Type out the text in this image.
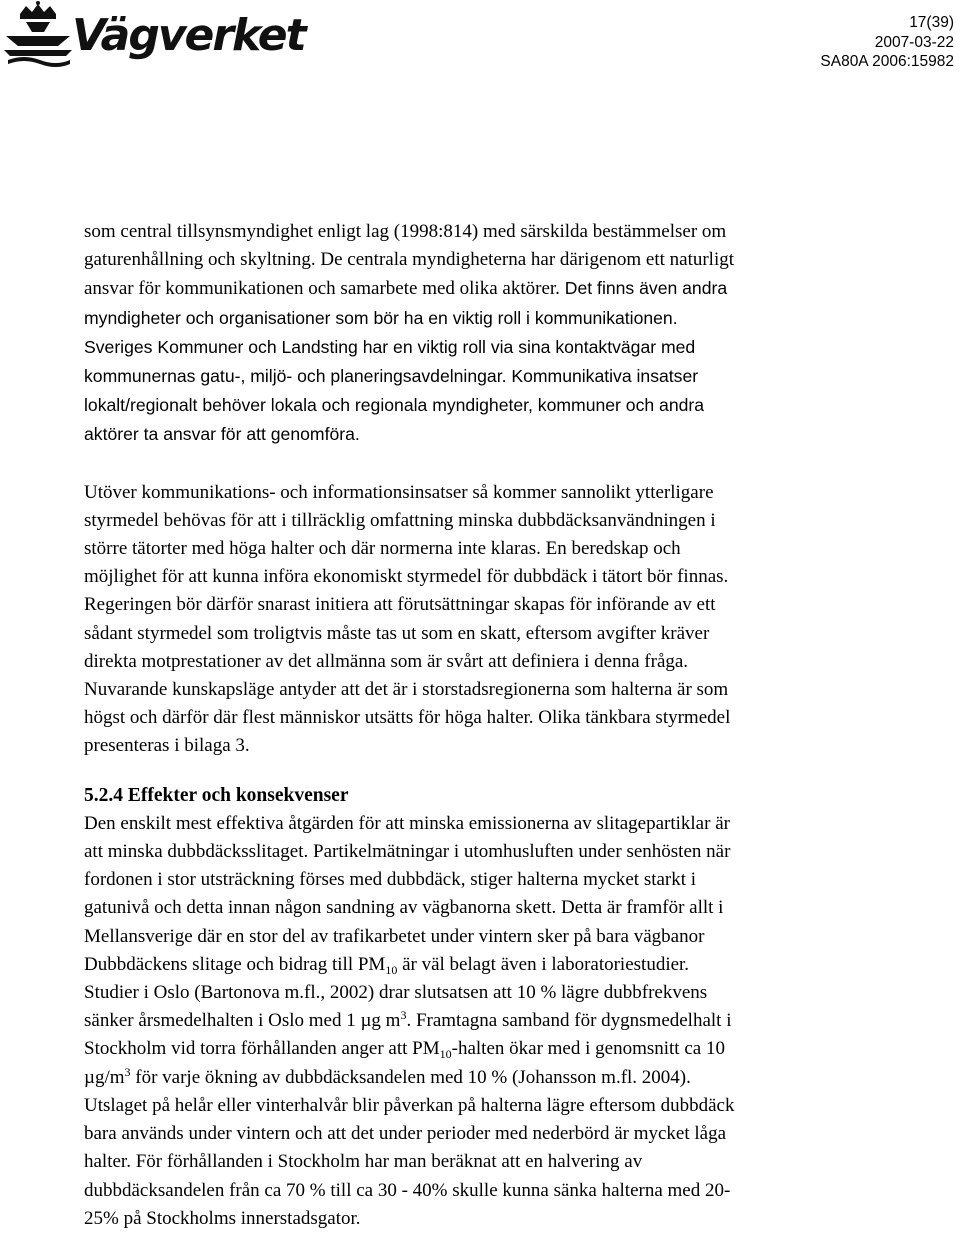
Vägverket	17(39)
2007-03-22
SA80A 2006:15982

som central tillsynsmyndighet enligt lag (1998:814) med särskilda bestämmelser om
gaturenhållning och skyltning. De centrala myndigheterna har därigenom ett naturligt
ansvar för kommunikationen och samarbete med olika aktörer. Det finns även andra
myndigheter och organisationer som bör ha en viktig roll i kommunikationen.
Sveriges Kommuner och Landsting har en viktig roll via sina kontaktvägar med
kommunernas gatu-, miljö- och planeringsavdelningar. Kommunikativa insatser
lokalt/regionalt behöver lokala och regionala myndigheter, kommuner och andra
aktörer ta ansvar för att genomföra.

Utöver kommunikations- och informationsinsatser så kommer sannolikt ytterligare
styrmedel behövas för att i tillräcklig omfattning minska dubbdäcksanvändningen i
större tätorter med höga halter och där normerna inte klaras. En beredskap och
möjlighet för att kunna införa ekonomiskt styrmedel för dubbdäck i tätort bör finnas.
Regeringen bör därför snarast initiera att förutsättningar skapas för införande av ett
sådant styrmedel som troligtvis måste tas ut som en skatt, eftersom avgifter kräver
direkta motprestationer av det allmänna som är svårt att definiera i denna fråga.
Nuvarande kunskapsläge antyder att det är i storstadsregionerna som halterna är som
högst och därför där flest människor utsätts för höga halter. Olika tänkbara styrmedel
presenteras i bilaga 3.

5.2.4 Effekter och konsekvenser

Den enskilt mest effektiva åtgärden för att minska emissionerna av slitagepartiklar är
att minska dubbdäcksslitaget. Partikelmätningar i utomhusluften under senhösten när
fordonen i stor utsträckning förses med dubbdäck, stiger halterna mycket starkt i
gatunivå och detta innan någon sandning av vägbanorna skett. Detta är framför allt i
Mellansverige där en stor del av trafikarbetet under vintern sker på bara vägbanor
Dubbdäckens slitage och bidrag till $PM_{10}$ är väl belagt även i laboratoriestudier.
Studier i Oslo (Bartonova m.fl., 2002) drar slutsatsen att 10 % lägre dubbfrekvens
sänker årsmedelhalten i Oslo med 1 µg $m^3$. Framtagna samband för dygnsmedelhalt i
Stockholm vid torra förhållanden anger att $PM_{10}$-halten ökar med i genomsnitt ca 10
$\mu g/m^3$ för varje ökning av dubbdäcksandelen med 10 % (Johansson m.fl. 2004).
Utslaget på helår eller vinterhalvår blir påverkan på halterna lägre eftersom dubbdäck
bara används under vintern och att det under perioder med nederbörd är mycket låga
halter. För förhållanden i Stockholm har man beräknat att en halvering av
dubbdäcksandelen från ca 70 % till ca 30 - 40% skulle kunna sänka halterna med 20-
25% på Stockholms innerstadsgator.
